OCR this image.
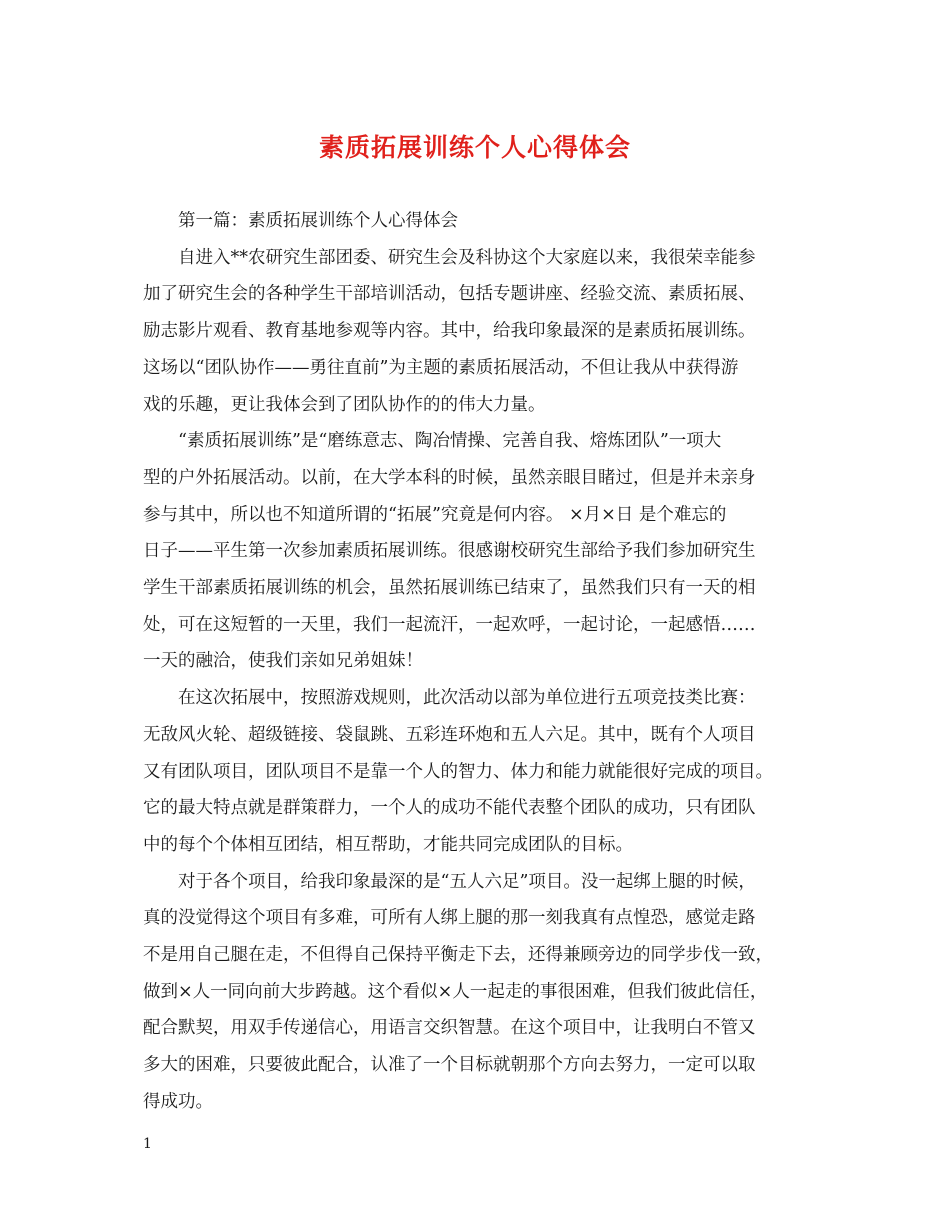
素质拓展训练个人心得体会

第一篇：素质拓展训练个人心得体会

自进入**农研究生部团委、研究生会及科协这个大家庭以来，我很荣幸能参
加了研究生会的各种学生干部培训活动，包括专题讲座、经验交流、素质拓展、
励志影片观看、教育基地参观等内容。其中，给我印象最深的是素质拓展训练。
这场以“团队协作——勇往直前”为主题的素质拓展活动，不但让我从中获得游
戏的乐趣，更让我体会到了团队协作的的伟大力量。

“素质拓展训练”是“磨练意志、陶冶情操、完善自我、熔炼团队”一项大
型的户外拓展活动。以前，在大学本科的时候，虽然亲眼目睹过，但是并未亲身
参与其中，所以也不知道所谓的“拓展”究竟是何内容。 ×月×日 是个难忘的
日子——平生第一次参加素质拓展训练。很感谢校研究生部给予我们参加研究生
学生干部素质拓展训练的机会，虽然拓展训练已结束了，虽然我们只有一天的相
处，可在这短暂的一天里，我们一起流汗，一起欢呼，一起讨论，一起感悟……
一天的融洽，使我们亲如兄弟姐妹！

在这次拓展中，按照游戏规则，此次活动以部为单位进行五项竞技类比赛：
无敌风火轮、超级链接、袋鼠跳、五彩连环炮和五人六足。其中，既有个人项目
又有团队项目，团队项目不是靠一个人的智力、体力和能力就能很好完成的项目。
它的最大特点就是群策群力，一个人的成功不能代表整个团队的成功，只有团队
中的每个个体相互团结，相互帮助，才能共同完成团队的目标。

对于各个项目，给我印象最深的是“五人六足”项目。没一起绑上腿的时候，
真的没觉得这个项目有多难，可所有人绑上腿的那一刻我真有点惶恐，感觉走路
不是用自己腿在走，不但得自己保持平衡走下去，还得兼顾旁边的同学步伐一致，
做到×人一同向前大步跨越。这个看似×人一起走的事很困难，但我们彼此信任，
配合默契，用双手传递信心，用语言交织智慧。在这个项目中，让我明白不管又
多大的困难，只要彼此配合，认准了一个目标就朝那个方向去努力，一定可以取
得成功。

1
